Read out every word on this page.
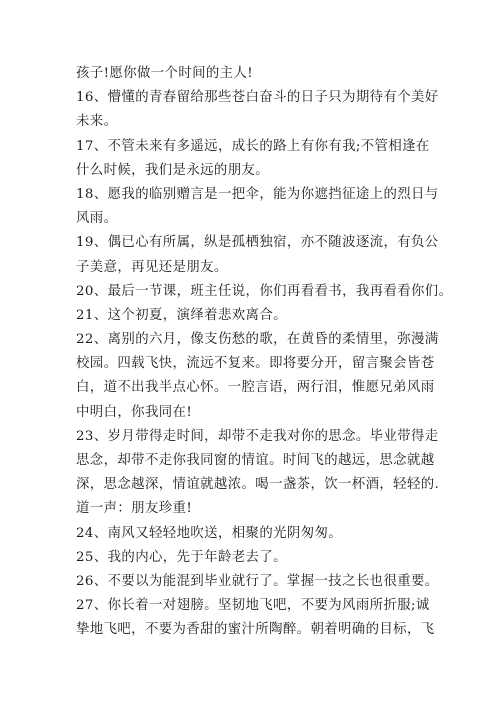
孩子!愿你做一个时间的主人!
16、懵懂的青春留给那些苍白奋斗的日子只为期待有个美好
未来。
17、不管未来有多遥远，成长的路上有你有我;不管相逢在
什么时候，我们是永远的朋友。
18、愿我的临别赠言是一把伞，能为你遮挡征途上的烈日与
风雨。
19、偶已心有所属，纵是孤栖独宿，亦不随波逐流，有负公
子美意，再见还是朋友。
20、最后一节课，班主任说，你们再看看书，我再看看你们。
21、这个初夏，演绎着悲欢离合。
22、离别的六月，像支伤愁的歌，在黄昏的柔情里，弥漫满
校园。四载飞快，流远不复来。即将要分开，留言聚会皆苍
白，道不出我半点心怀。一腔言语，两行泪，惟愿兄弟风雨
中明白，你我同在!
23、岁月带得走时间，却带不走我对你的思念。毕业带得走
思念，却带不走你我同窗的情谊。时间飞的越远，思念就越
深，思念越深，情谊就越浓。喝一盏茶，饮一杯酒，轻轻的.
道一声：朋友珍重!
24、南风又轻轻地吹送，相聚的光阴匆匆。
25、我的内心，先于年龄老去了。
26、不要以为能混到毕业就行了。掌握一技之长也很重要。
27、你长着一对翅膀。坚韧地飞吧，不要为风雨所折服;诚
挚地飞吧，不要为香甜的蜜汁所陶醉。朝着明确的目标，飞
